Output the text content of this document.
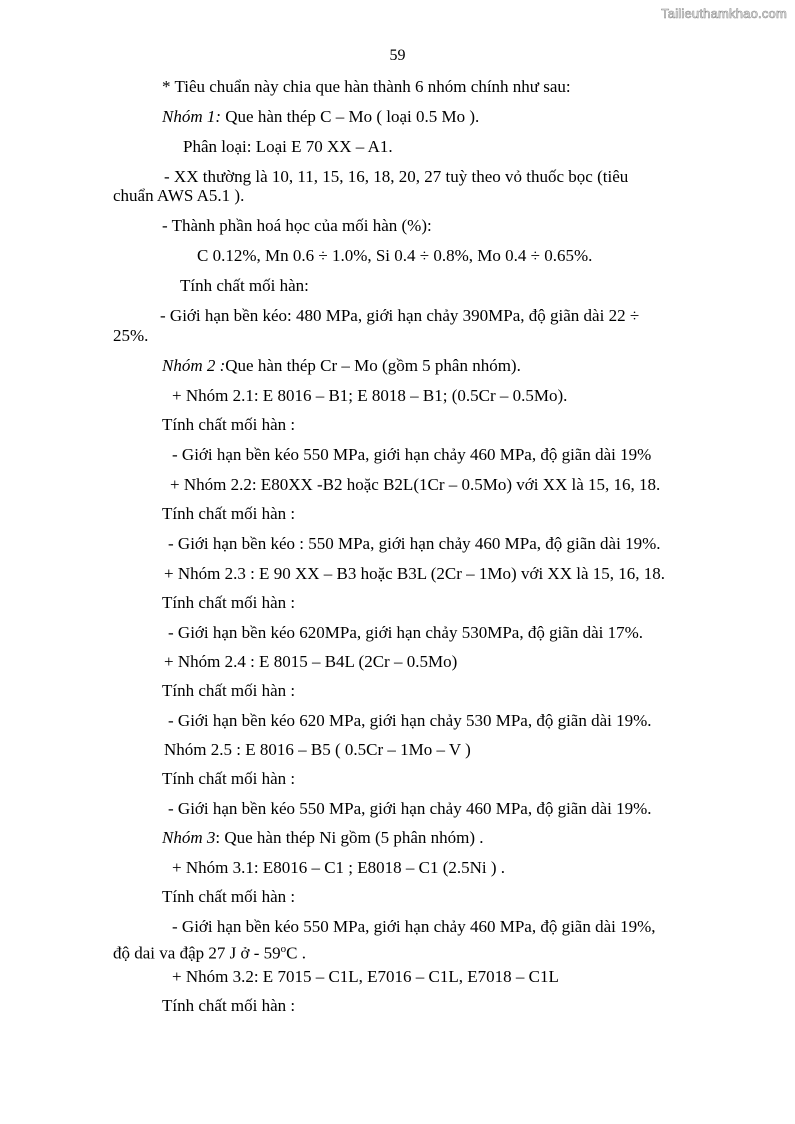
Tailieuthamkhao.com
59
* Tiêu chuẩn này chia que hàn thành 6 nhóm chính như sau:
Nhóm 1: Que hàn thép C – Mo ( loại 0.5 Mo ).
Phân loại: Loại E 70 XX – A1.
- XX thường là 10, 11, 15, 16, 18, 20, 27 tuỳ theo vỏ thuốc bọc (tiêu
chuẩn AWS A5.1 ).
- Thành phần hoá học của mối hàn (%):
C 0.12%, Mn 0.6 ÷ 1.0%, Si 0.4 ÷ 0.8%, Mo 0.4 ÷ 0.65%.
Tính chất mối hàn:
- Giới hạn bền kéo: 480 MPa, giới hạn chảy 390MPa, độ giãn dài 22 ÷
25%.
Nhóm 2 :Que hàn thép Cr – Mo (gồm 5 phân nhóm).
+ Nhóm 2.1: E 8016 – B1; E 8018 – B1; (0.5Cr – 0.5Mo).
Tính chất mối hàn :
- Giới hạn bền kéo 550 MPa, giới hạn chảy 460 MPa, độ giãn dài 19%
+ Nhóm 2.2: E80XX -B2 hoặc B2L(1Cr – 0.5Mo) với XX là 15, 16, 18.
Tính chất mối hàn :
- Giới hạn bền kéo : 550 MPa, giới hạn chảy 460 MPa, độ giãn dài 19%.
+ Nhóm 2.3 : E 90 XX – B3 hoặc B3L (2Cr – 1Mo) với XX là 15, 16, 18.
Tính chất mối hàn :
- Giới hạn bền kéo 620MPa, giới hạn chảy 530MPa, độ giãn dài 17%.
+ Nhóm 2.4 : E 8015 – B4L (2Cr – 0.5Mo)
Tính chất mối hàn :
- Giới hạn bền kéo 620 MPa, giới hạn chảy 530 MPa, độ giãn dài 19%.
Nhóm 2.5 : E 8016 – B5 ( 0.5Cr – 1Mo – V )
Tính chất mối hàn :
- Giới hạn bền kéo 550 MPa, giới hạn chảy 460 MPa, độ giãn dài 19%.
Nhóm 3: Que hàn thép Ni gồm (5 phân nhóm) .
+ Nhóm 3.1: E8016 – C1 ; E8018 – C1 (2.5Ni ) .
Tính chất mối hàn :
- Giới hạn bền kéo 550 MPa, giới hạn chảy 460 MPa, độ giãn dài 19%,
độ dai va đập 27 J ở - 59$^o$C .
+ Nhóm 3.2: E 7015 – C1L, E7016 – C1L, E7018 – C1L
Tính chất mối hàn :
